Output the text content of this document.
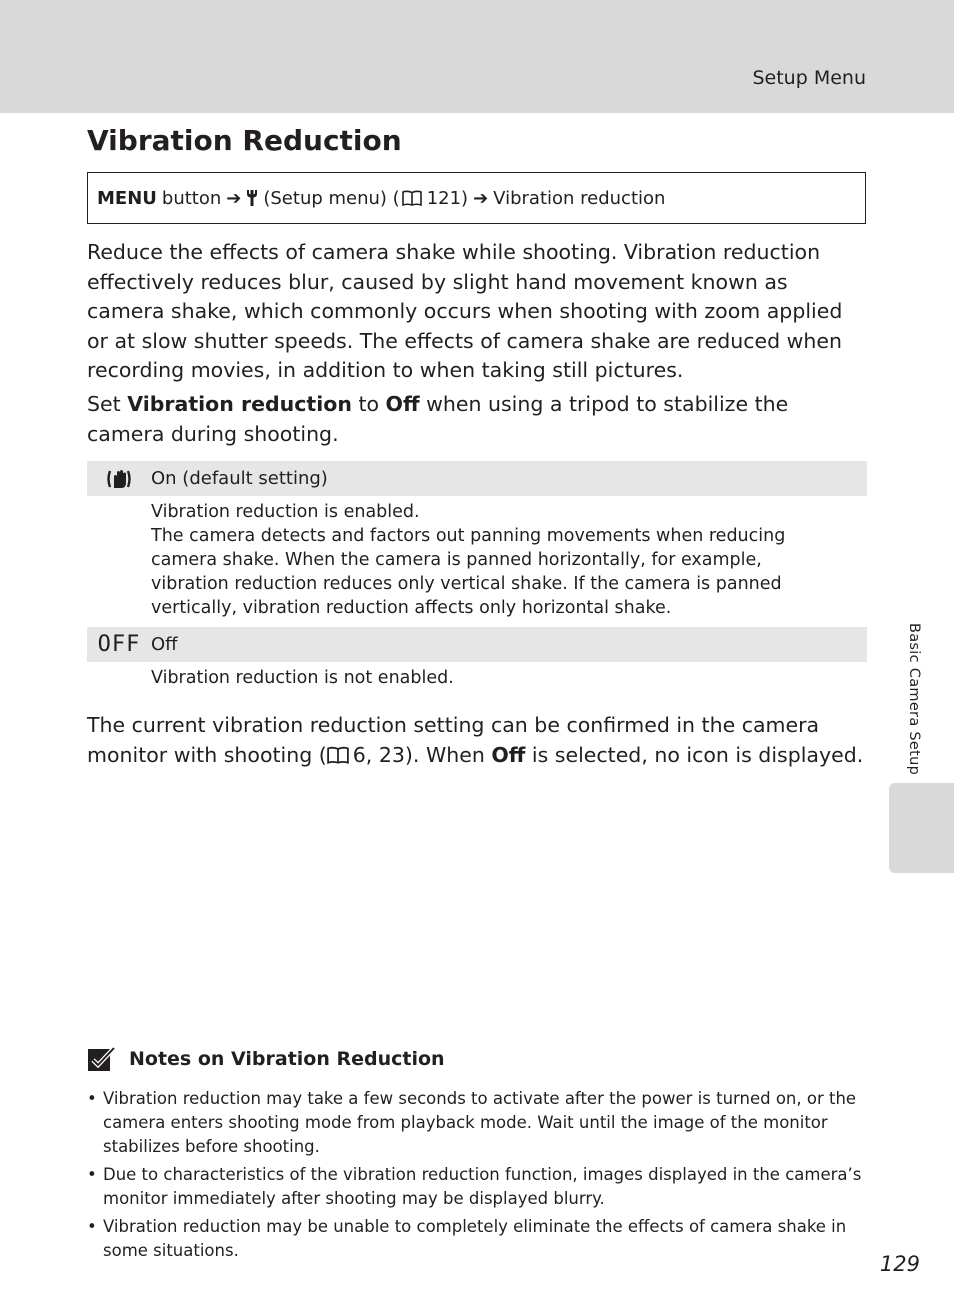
Setup Menu
Vibration Reduction
MENU button ➔ (Setup menu) ( 121) ➔ Vibration reduction

Reduce the effects of camera shake while shooting. Vibration reduction effectively reduces blur, caused by slight hand movement known as camera shake, which commonly occurs when shooting with zoom applied or at slow shutter speeds. The effects of camera shake are reduced when recording movies, in addition to when taking still pictures.

Set Vibration reduction to Off when using a tripod to stabilize the camera during shooting.

On (default setting)

Vibration reduction is enabled.

The camera detects and factors out panning movements when reducing camera shake. When the camera is panned horizontally, for example, vibration reduction reduces only vertical shake. If the camera is panned vertically, vibration reduction affects only horizontal shake.

OFF Off

Vibration reduction is not enabled.

The current vibration reduction setting can be confirmed in the camera monitor with shooting ( 6, 23). When Off is selected, no icon is displayed.

Notes on Vibration Reduction
• Vibration reduction may take a few seconds to activate after the power is turned on, or the camera enters shooting mode from playback mode. Wait until the image of the monitor stabilizes before shooting.
• Due to characteristics of the vibration reduction function, images displayed in the camera’s monitor immediately after shooting may be displayed blurry.
• Vibration reduction may be unable to completely eliminate the effects of camera shake in some situations.
Basic Camera Setup
129
